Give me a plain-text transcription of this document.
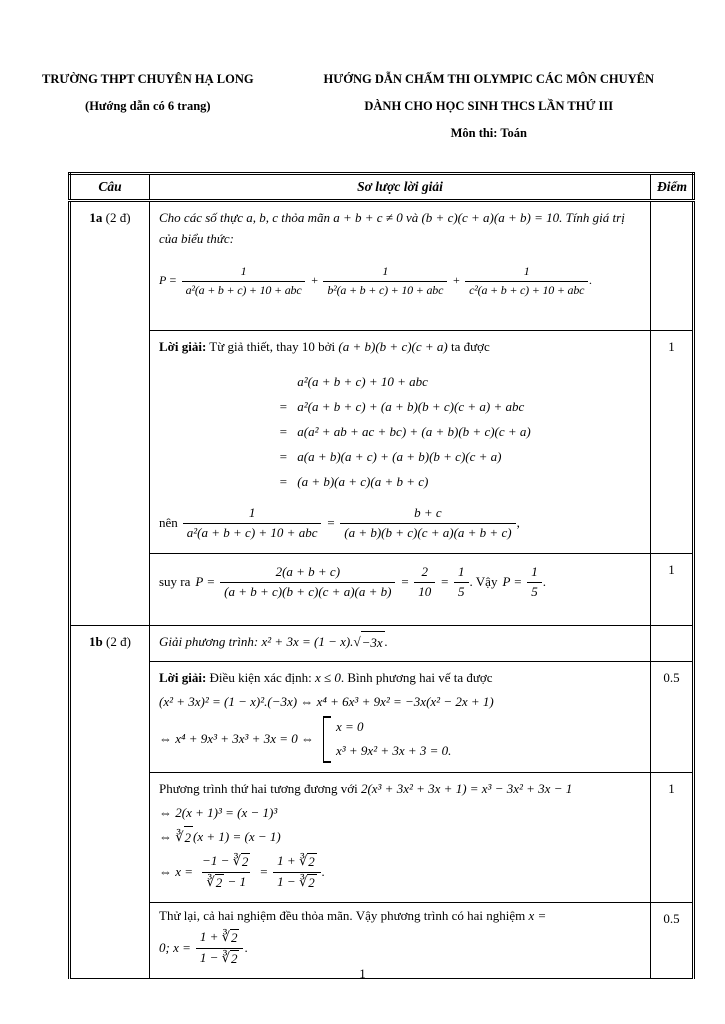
TRƯỜNG THPT CHUYÊN HẠ LONG
(Hướng dẫn có 6 trang)
HƯỚNG DẪN CHẤM THI OLYMPIC CÁC MÔN CHUYÊN
DÀNH CHO HỌC SINH THCS LẦN THỨ III
Môn thi: Toán
Câu	Sơ lược lời giải	Điểm
1a (2 đ)	Cho các số thực a, b, c thỏa mãn a + b + c ≠ 0 và (b + c)(c + a)(a + b) = 10. Tính giá trị của biểu thức:

$P = \frac{1}{\text{a²(a + b + c) + 10 + abc}} + \frac{1}{\text{b²(a + b + c) + 10 + abc}} + \frac{1}{\text{c²(a + b + c) + 10 + abc}}$ .

Lời giải: Từ giả thiết, thay 10 bởi (a + b)(b + c)(c + a) ta được

a²(a + b + c) + 10 + abc
= a²(a + b + c) + (a + b)(b + c)(c + a) + abc
= a(a² + ab + ac + bc) + (a + b)(b + c)(c + a)
= a(a + b)(a + c) + (a + b)(b + c)(c + a)
= (a + b)(a + c)(a + b + c)
nên $\frac{1}{\text{a²(a + b + c) + 10 + abc}} = \frac{b + c}{(a + b)(b + c)(c + a)(a + b + c)}$ ,
	1

suy ra $P = \frac{2(a + b + c)}{(a + b + c)(b + c)(c + a)(a + b)} = \frac{2}{10} = \frac{1}{5}$ . Vậy $P = \frac{1}{5}$ .
	1
1b (2 đ)	Giải phương trình: x² + 3x = (1 − x). √ −3x .	

	Lời giải: Điều kiện xác định: x ≤ 0. Bình phương hai vế ta được

(x² + 3x)² = (1 − x)².(−3x) ⇔ x⁴ + 6x³ + 9x² = −3x(x² − 2x + 1)

⇔ x⁴ + 9x³ + 3x³ + 3x = 0 ⇔
x = 0
x³ + 9x² + 3x + 3 = 0.	0.5

Phương trình thứ hai tương đương với 2(x³ + 3x² + 3x + 1) = x³ − 3x² + 3x − 1

⇔ 2(x + 1)³ = (x − 1)³

⇔ ∛ 2 (x + 1) = (x − 1)

⇔ $x = \frac{-1 - ∛ 2}{∛ 2 - 1} = \frac{1 + ∛ 2}{1 - ∛ 2}$ .
	1

Thử lại, cả hai nghiệm đều thỏa mãn. Vậy phương trình có hai nghiệm x =
0; $x = \frac{1 + ∛ 2}{1 - ∛ 2}$ .
	0.5
1
